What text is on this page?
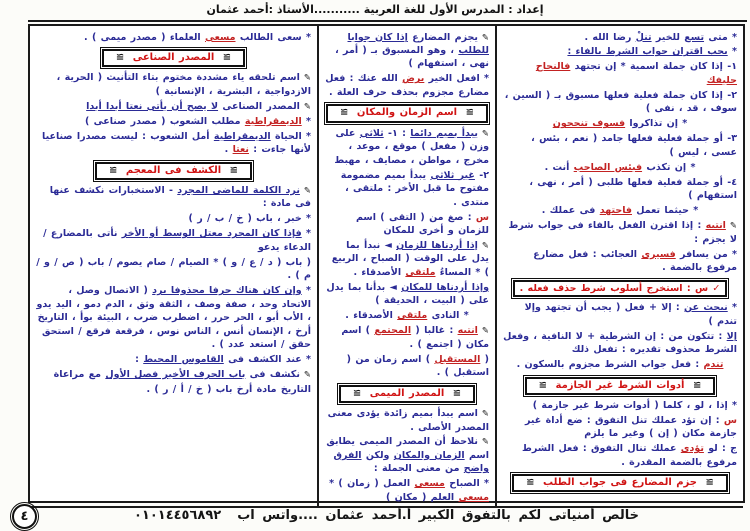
إعداد : المدرس الأول للغة العربية ...........الأستاذ :أحمد عثمان
* متى تسع للخير تنلْ رضا الله .
* يجب اقتران جواب الشرط بالفاء :
١- إذا كان جملة اسمية * إن تجتهد فالنجاح حليفك
٢- إذا كان جملة فعلية فعلها مسبوق بـ ( السين ، سوف ، قد ، نفى )
* إن تذاكروا فسوف تنجحون
٣- أو جملة فعلية فعلها جامد ( نعم ، بئس ، عسى ، ليس )
* إن تكذب فبئس الصاحب أنت .
٤- أو جملة فعلية فعلها طلبى ( أمر ، نهى ، استفهام )
* حيثما تعمل فاجتهد فى عملك .
✎ انتبه : إذا اقترن الفعل بالفاء فى جواب شرط لا يجزم :
* من يسافر فسيرى العجائب : فعل مضارع مرفوع بالضمة .
✓ س : استخرج أسلوب شرط حذف فعله .
* نبحث عن : إلا + فعل ( يجب أن تجتهد وإلا تندم )
إلا : تتكون من : إن الشرطية + لا النافية ، وفعل الشرط محذوف تقديره : تفعل ذلك
تندم : فعل جواب الشرط مجزوم بالسكون .
≅ أدوات الشرط غير الجازمة ≅
* إذا ، لو ، كلما ( أدوات شرط غير جازمة )
س : إن تؤد عملك تنل التفوق : ضع أداة غير جازمة مكان ( إن ) وغير ما يلزم
ج : لو تؤدى عملك تنال التفوق : فعل الشرط مرفوع بالضمة المقدرة .
≅ جزم المضارع فى جواب الطلب ≅
✎ يجزم المضارع إذا كان جوابا للطلب ، وهو المسبوق بـ ( أمر ، نهى ، استفهام )
* افعل الخير يرض الله عنك : فعل مضارع مجزوم بحذف حرف العلة .
≅ اسم الزمان والمكان ≅
✎ يبدأ بميم دائما : ١- ثلاثى على وزن ( مفعل ) موقع ، موعد ، مخرج ، مواطن ، مصايف ، مهبط
٢- غير ثلاثى يبدأ بميم مضمومة مفتوح ما قبل الأخر : ملتقى ، منتدى .
س : صغ من ( التقى ) اسم للزمان و أخرى للمكان
✎ إذا أردناها للزمان ◄ نبدأ بما يدل على الوقت ( الصباح ، الربيع ) * المساءُ ملتقى الأصدقاء .
وإذا أردناها للمكان ◄ بدأنا بما يدل على ( البيت ، الحديقة )
* النادى ملتقى الأصدقاء .
✎ انتبه : غالبا ( المجتمع ) اسم مكان ( اجتمع ) .
( المستقبل ) اسم زمان من ( استقبل ) .
≅ المصدر الميمى ≅
✎ اسم يبدأ بميم زائدة يؤدى معنى المصدر الأصلى .
✎ نلاحظ أن المصدر الميمى يطابق اسم الزمان والمكان ولكن الفرق واضح من معنى الجملة :
* الصباح مسعى العمل ( زمان ) * مسعى العلم ( مكان )
* سعى الطالب مسعى العلماء ( مصدر ميمى ) .
≅ المصدر الصناعى ≅
✎ اسم تلحقه ياء مشددة مختوم بتاء التأنيث ( الحرية ، الازدواجية ، البشرية ، الإنسانية )
✎ المصدر الصناعى لا يصح أن يأتى نعتا أبدا أبدا
* الديمقراطية مطلب الشعوب ( مصدر صناعى )
* الحياة الديمقراطية أمل الشعوب : ليست مصدرا صناعيا لأنها جاءت : نعتا .
≅ الكشف فى المعجم ≅
✎ نرد الكلمة للماضى المجرد - الاستخبارات نكشف عنها فى مادة :
* خبر ، باب ( خ / ب / ر )
* فإذا كان المجرد معتل الوسط أو الأخر نأتى بالمضارع / الدعاء يدعو
( باب ( د / ع / و ) * الصيام / صام يصوم / باب ( ص / و / م ) .
* وإن كان هناك حرفا محذوفا يرد ( الاتصال وصل ، الاتحاد وحد ، صفة وصف ، الثقة وثق ، الدم دمو ، اليد يدو ، الأب أبو ، الحر حرر ، اضطرب ضرب ، البيئة بوأ ، التاريخ أرخ ، الإنسان أنس ، الناس نوس ، فرقعة فرقع / استحق حقق / استعد عدد ) .
* عند الكشف فى القاموس المحيط :
✎ نكشف فى باب الحرف الأخير فصل الأول مع مراعاة
التاريخ مادة أرخ باب ( خ / أ / ر ) .
خالص أمنياتى لكم بالتفوق الكبير أ.أحمد عثمان ....واتس اب
٠١٠١٤٤٥٦٨٩٢
٤
